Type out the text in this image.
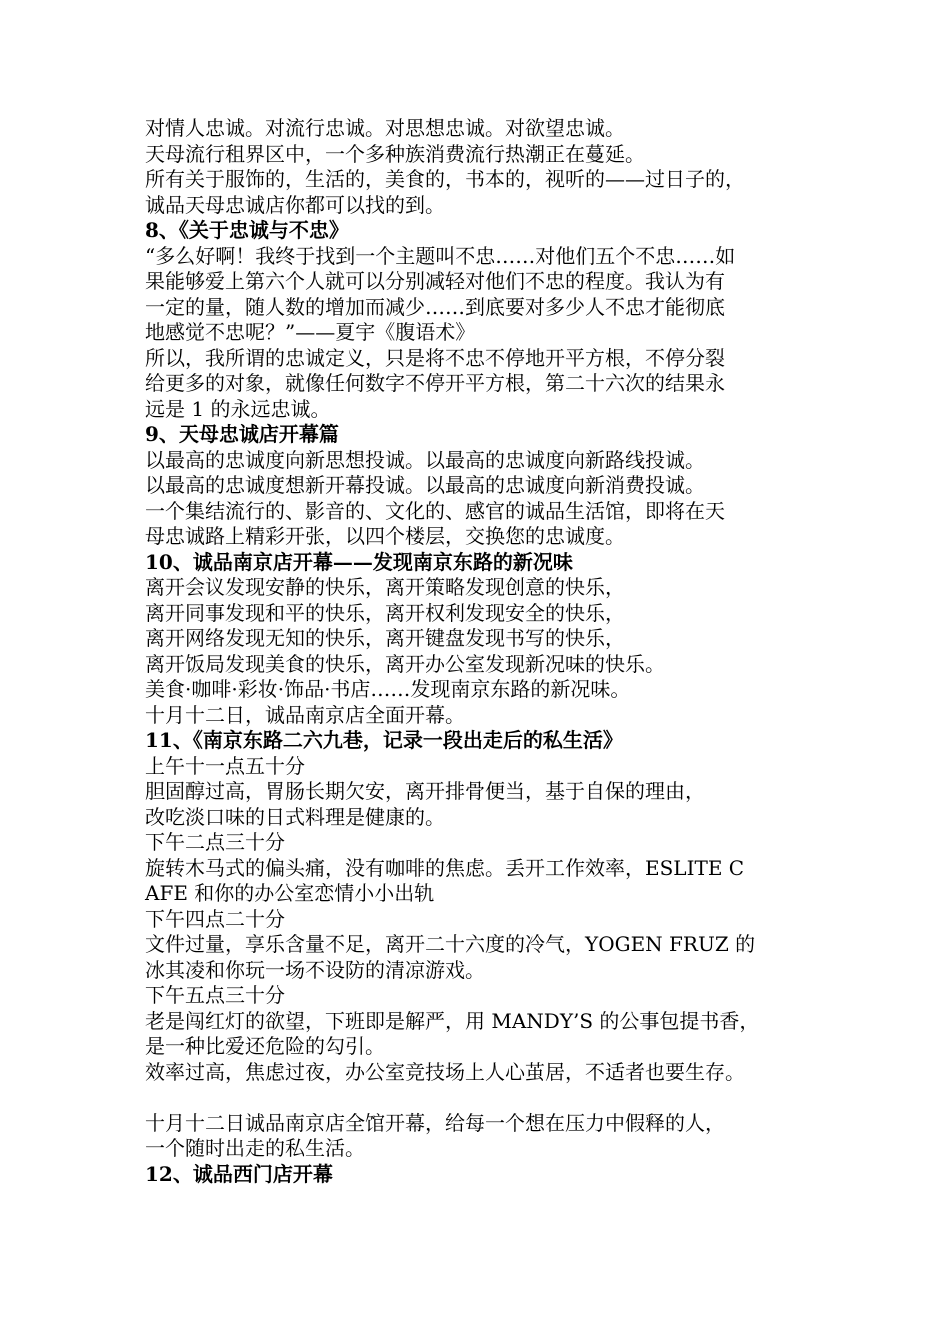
对情人忠诚。对流行忠诚。对思想忠诚。对欲望忠诚。

天母流行租界区中，一个多种族消费流行热潮正在蔓延。

所有关于服饰的，生活的，美食的，书本的，视听的——过日子的，

诚品天母忠诚店你都可以找的到。

8、《关于忠诚与不忠》

“多么好啊！我终于找到一个主题叫不忠……对他们五个不忠……如

果能够爱上第六个人就可以分别减轻对他们不忠的程度。我认为有

一定的量，随人数的增加而减少……到底要对多少人不忠才能彻底

地感觉不忠呢？”——夏宇《腹语术》

所以，我所谓的忠诚定义，只是将不忠不停地开平方根，不停分裂

给更多的对象，就像任何数字不停开平方根，第二十六次的结果永

远是 1 的永远忠诚。

9、天母忠诚店开幕篇

以最高的忠诚度向新思想投诚。以最高的忠诚度向新路线投诚。

以最高的忠诚度想新开幕投诚。以最高的忠诚度向新消费投诚。

一个集结流行的、影音的、文化的、感官的诚品生活馆，即将在天

母忠诚路上精彩开张，以四个楼层，交换您的忠诚度。

10、诚品南京店开幕——发现南京东路的新况味

离开会议发现安静的快乐，离开策略发现创意的快乐，

离开同事发现和平的快乐，离开权利发现安全的快乐，

离开网络发现无知的快乐，离开键盘发现书写的快乐，

离开饭局发现美食的快乐，离开办公室发现新况味的快乐。

美食·咖啡·彩妆·饰品·书店……发现南京东路的新况味。

十月十二日，诚品南京店全面开幕。

11、《南京东路二六九巷，记录一段出走后的私生活》

上午十一点五十分

胆固醇过高，胃肠长期欠安，离开排骨便当，基于自保的理由，

改吃淡口味的日式料理是健康的。

下午二点三十分

旋转木马式的偏头痛，没有咖啡的焦虑。丢开工作效率，ESLITE C

AFE 和你的办公室恋情小小出轨

下午四点二十分

文件过量，享乐含量不足，离开二十六度的冷气，YOGEN FRUZ 的

冰其凌和你玩一场不设防的清凉游戏。

下午五点三十分

老是闯红灯的欲望，下班即是解严，用 MANDY’S 的公事包提书香，

是一种比爱还危险的勾引。

效率过高，焦虑过夜，办公室竞技场上人心茧居，不适者也要生存。

十月十二日诚品南京店全馆开幕，给每一个想在压力中假释的人，

一个随时出走的私生活。

12、诚品西门店开幕
